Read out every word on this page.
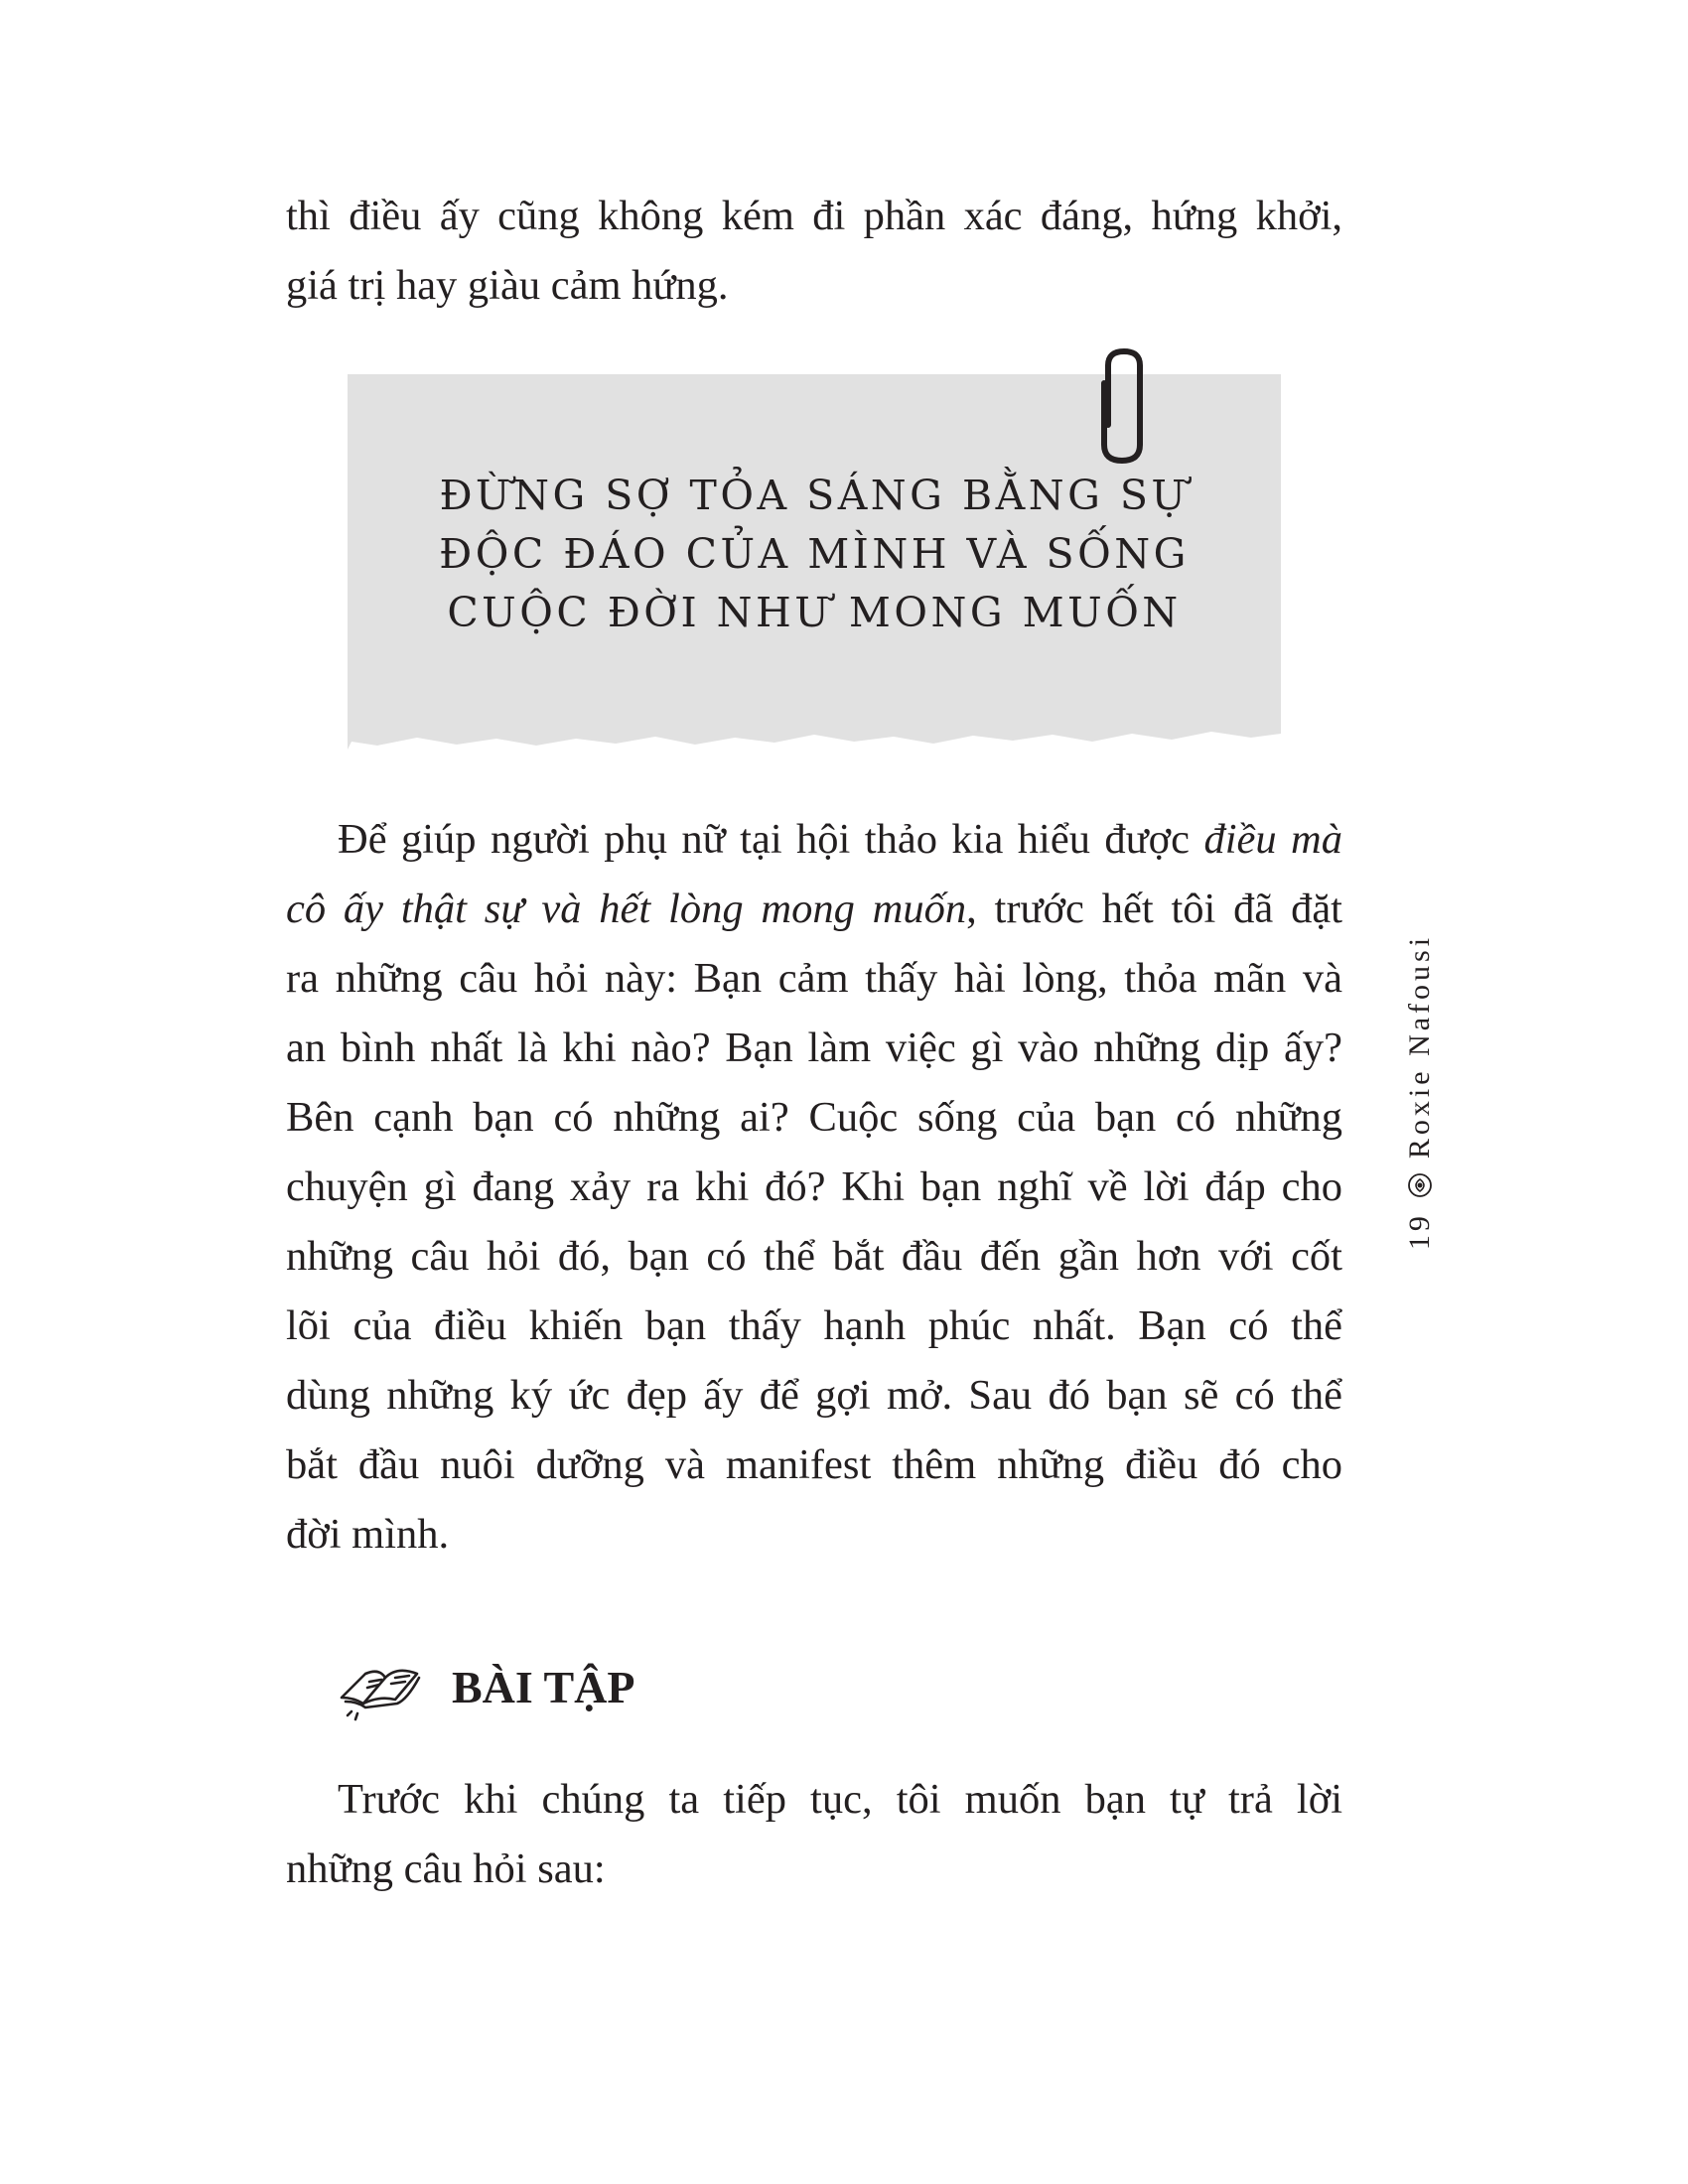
thì điều ấy cũng không kém đi phần xác đáng, hứng khởi,
giá trị hay giàu cảm hứng.
ĐỪNG SỢ TỎA SÁNG BẰNG SỰ
ĐỘC ĐÁO CỦA MÌNH VÀ SỐNG
CUỘC ĐỜI NHƯ MONG MUỐN
Để giúp người phụ nữ tại hội thảo kia hiểu được điều mà
cô ấy thật sự và hết lòng mong muốn, trước hết tôi đã đặt
ra những câu hỏi này: Bạn cảm thấy hài lòng, thỏa mãn và
an bình nhất là khi nào? Bạn làm việc gì vào những dịp ấy?
Bên cạnh bạn có những ai? Cuộc sống của bạn có những
chuyện gì đang xảy ra khi đó? Khi bạn nghĩ về lời đáp cho
những câu hỏi đó, bạn có thể bắt đầu đến gần hơn với cốt
lõi của điều khiến bạn thấy hạnh phúc nhất. Bạn có thể
dùng những ký ức đẹp ấy để gợi mở. Sau đó bạn sẽ có thể
bắt đầu nuôi dưỡng và manifest thêm những điều đó cho
đời mình.
BÀI TẬP
Trước khi chúng ta tiếp tục, tôi muốn bạn tự trả lời
những câu hỏi sau:
19
Roxie Nafousi
